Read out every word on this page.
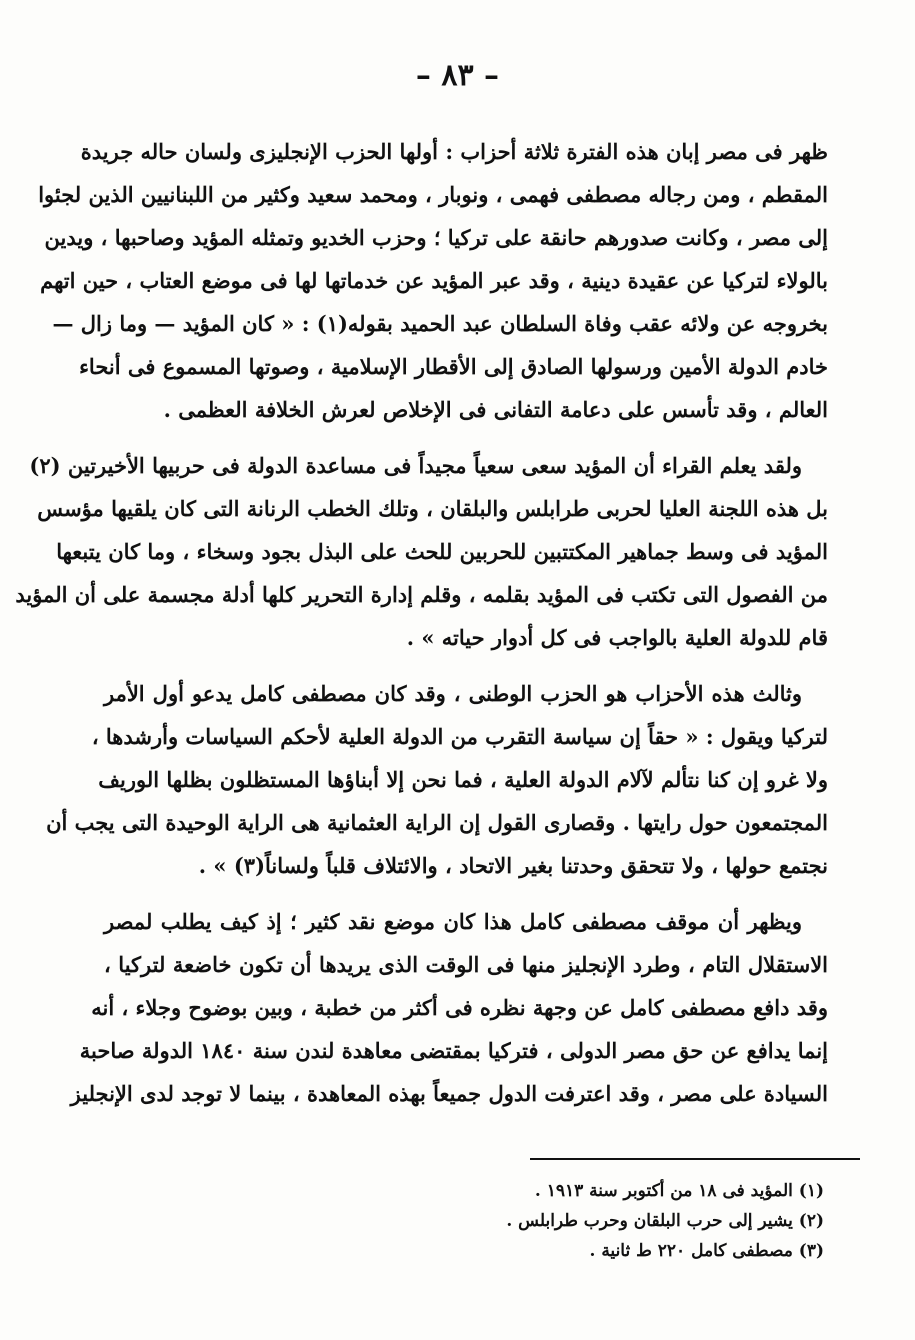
– ٨٣ –
ظهر فى مصر إبان هذه الفترة ثلاثة أحزاب : أولها الحزب الإنجليزى ولسان حاله جريدة
المقطم ، ومن رجاله مصطفى فهمى ، ونوبار ، ومحمد سعيد وكثير من اللبنانيين الذين لجئوا
إلى مصر ، وكانت صدورهم حانقة على تركيا ؛ وحزب الخديو وتمثله المؤيد وصاحبها ، ويدين
بالولاء لتركيا عن عقيدة دينية ، وقد عبر المؤيد عن خدماتها لها فى موضع العتاب ، حين اتهم
بخروجه عن ولائه عقب وفاة السلطان عبد الحميد بقوله(١) : « كان المؤيد — وما زال —
خادم الدولة الأمين ورسولها الصادق إلى الأقطار الإسلامية ، وصوتها المسموع فى أنحاء
العالم ، وقد تأسس على دعامة التفانى فى الإخلاص لعرش الخلافة العظمى .
ولقد يعلم القراء أن المؤيد سعى سعياً مجيداً فى مساعدة الدولة فى حربيها الأخيرتين (٢)
بل هذه اللجنة العليا لحربى طرابلس والبلقان ، وتلك الخطب الرنانة التى كان يلقيها مؤسس
المؤيد فى وسط جماهير المكتتبين للحربين للحث على البذل بجود وسخاء ، وما كان يتبعها
من الفصول التى تكتب فى المؤيد بقلمه ، وقلم إدارة التحرير كلها أدلة مجسمة على أن المؤيد
قام للدولة العلية بالواجب فى كل أدوار حياته » .
وثالث هذه الأحزاب هو الحزب الوطنى ، وقد كان مصطفى كامل يدعو أول الأمر
لتركيا ويقول : « حقاً إن سياسة التقرب من الدولة العلية لأحكم السياسات وأرشدها ،
ولا غرو إن كنا نتألم لآلام الدولة العلية ، فما نحن إلا أبناؤها المستظلون بظلها الوريف
المجتمعون حول رايتها . وقصارى القول إن الراية العثمانية هى الراية الوحيدة التى يجب أن
نجتمع حولها ، ولا تتحقق وحدتنا بغير الاتحاد ، والائتلاف قلباً ولساناً(٣) » .
ويظهر أن موقف مصطفى كامل هذا كان موضع نقد كثير ؛ إذ كيف يطلب لمصر
الاستقلال التام ، وطرد الإنجليز منها فى الوقت الذى يريدها أن تكون خاضعة لتركيا ،
وقد دافع مصطفى كامل عن وجهة نظره فى أكثر من خطبة ، وبين بوضوح وجلاء ، أنه
إنما يدافع عن حق مصر الدولى ، فتركيا بمقتضى معاهدة لندن سنة ١٨٤٠ الدولة صاحبة
السيادة على مصر ، وقد اعترفت الدول جميعاً بهذه المعاهدة ، بينما لا توجد لدى الإنجليز
(١) المؤيد فى ١٨ من أكتوبر سنة ١٩١٣ .
(٢) يشير إلى حرب البلقان وحرب طرابلس .
(٣) مصطفى كامل ٢٢٠ ط ثانية .
